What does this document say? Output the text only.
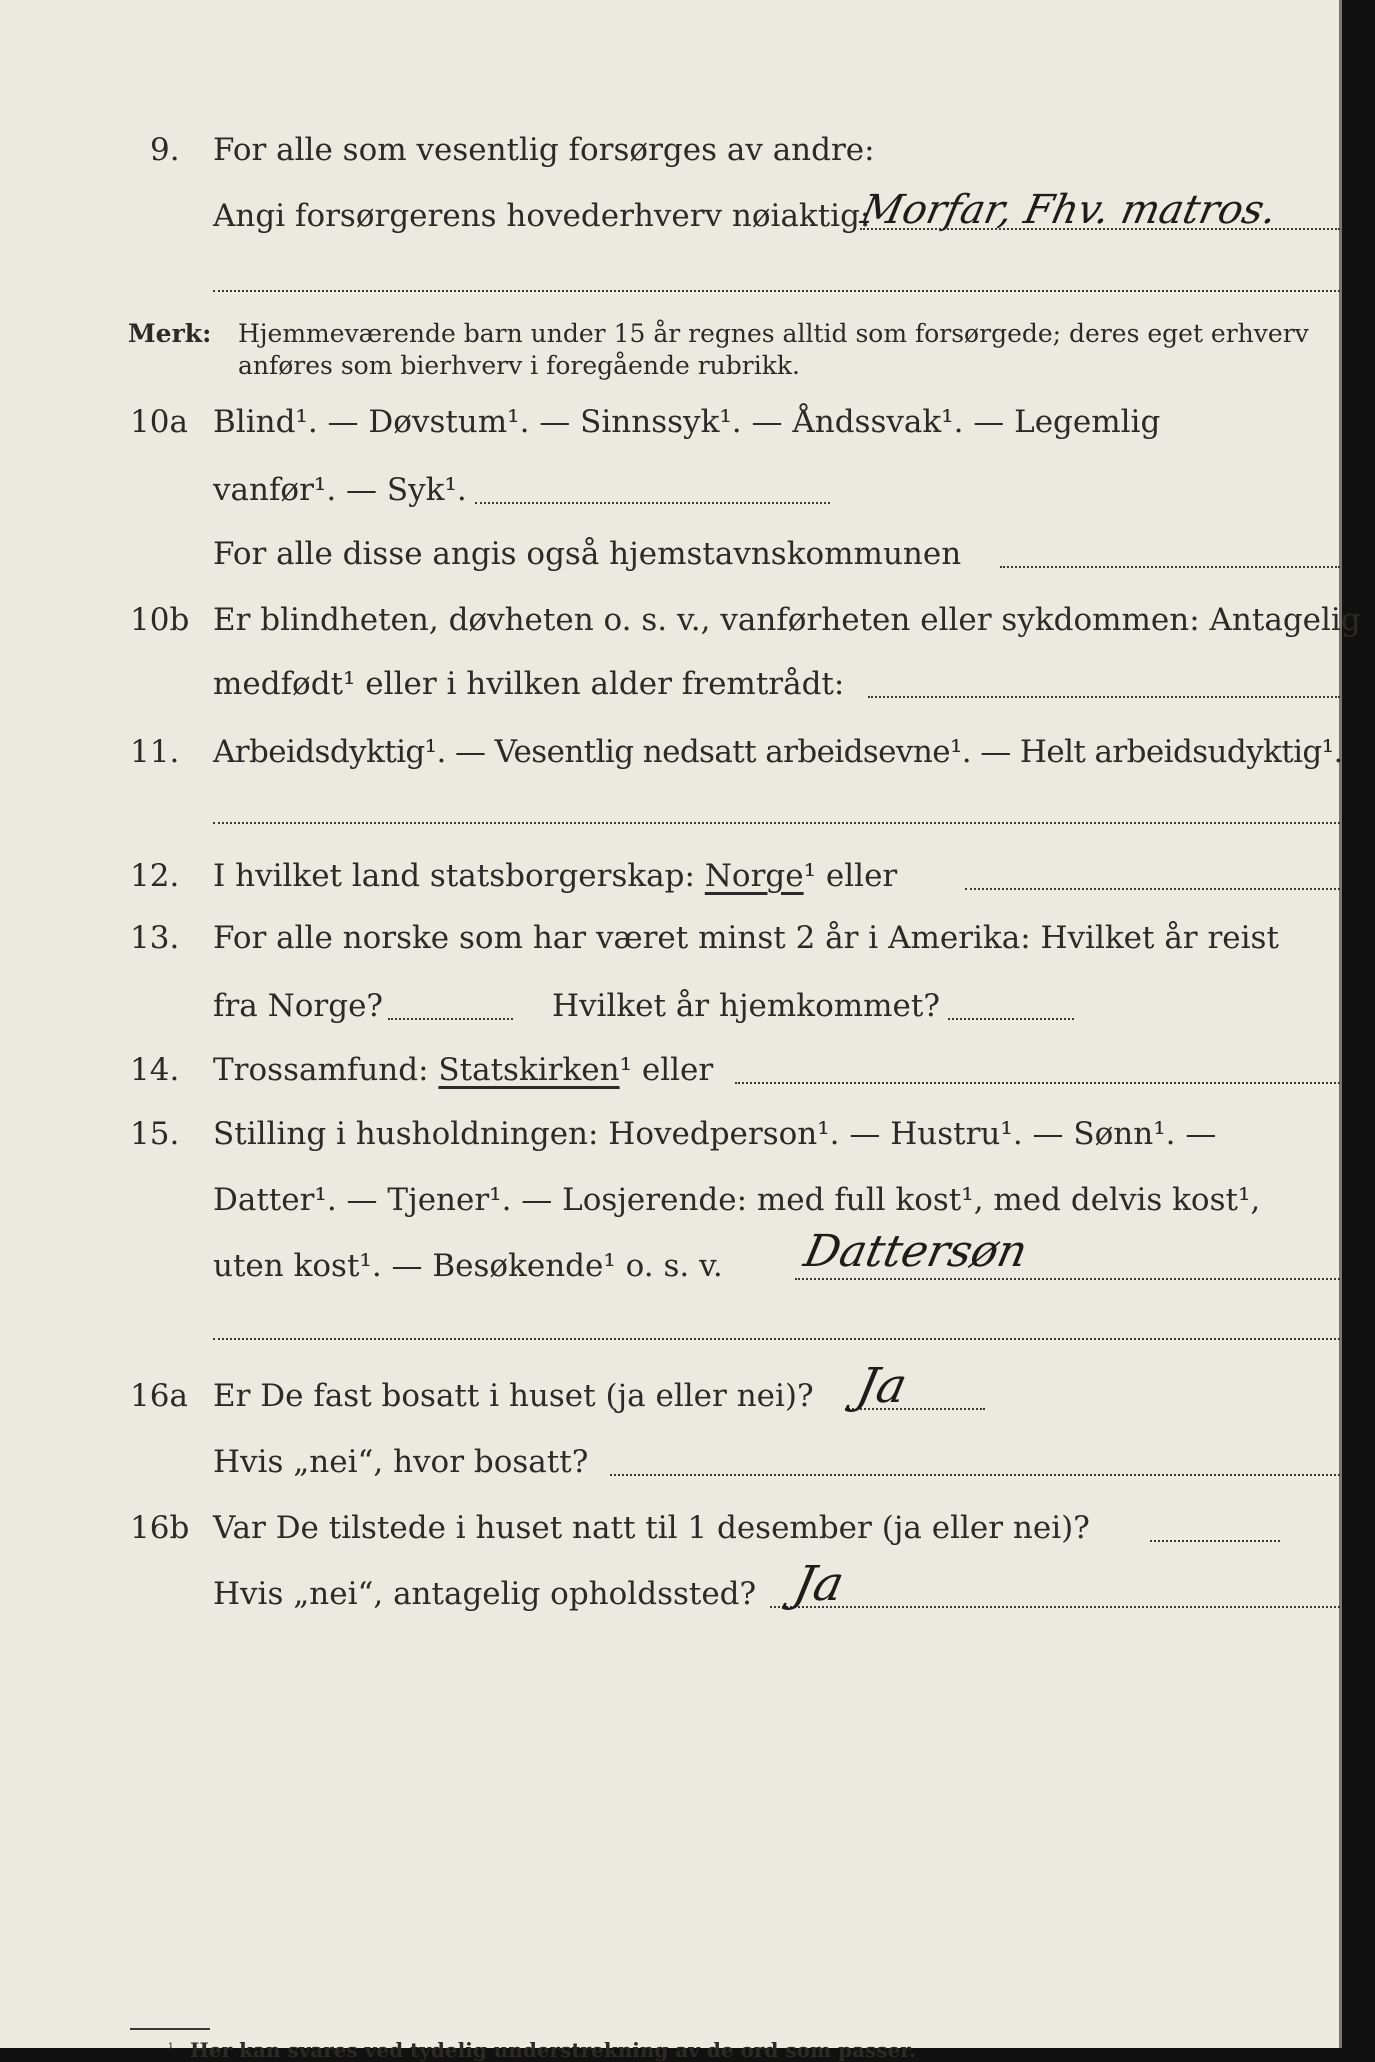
9. For alle som vesentlig forsørges av andre:
Angi forsørgerens hovederhverv nøiaktig:
Morfar, Fhv. matros.
Merk: Hjemmeværende barn under 15 år regnes alltid som forsørgede; deres eget erhverv
anføres som bierhverv i foregående rubrikk.
10a Blind¹. — Døvstum¹. — Sinnssyk¹. — Åndssvak¹. — Legemlig
vanfør¹. — Syk¹.
For alle disse angis også hjemstavnskommunen
10b Er blindheten, døvheten o. s. v., vanførheten eller sykdommen: Antagelig
medfødt¹ eller i hvilken alder fremtrådt:
11. Arbeidsdyktig¹. — Vesentlig nedsatt arbeidsevne¹. — Helt arbeidsudyktig¹.
12. I hvilket land statsborgerskap: Norge¹ eller
13. For alle norske som har været minst 2 år i Amerika: Hvilket år reist
fra Norge?	Hvilket år hjemkommet?
14. Trossamfund: Statskirken¹ eller
15. Stilling i husholdningen: Hovedperson¹. — Hustru¹. — Sønn¹. —
Datter¹. — Tjener¹. — Losjerende: med full kost¹, med delvis kost¹,
uten kost¹. — Besøkende¹ o. s. v. Dattersøn
16a Er De fast bosatt i huset (ja eller nei)? Ja
Hvis „nei“, hvor bosatt?
16b Var De tilstede i huset natt til 1 desember (ja eller nei)?
Hvis „nei“, antagelig opholdssted? Ja
¹ Her kan svares ved tydelig understrekning av de ord som passer.
